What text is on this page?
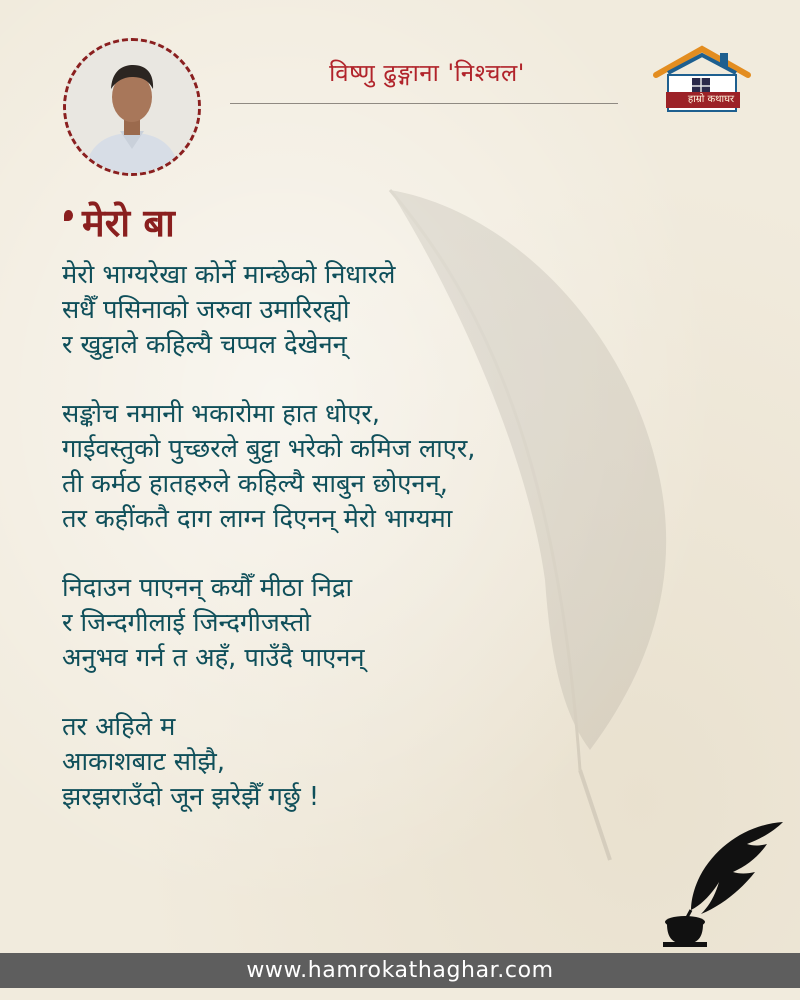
विष्णु ढुङ्गाना 'निश्चल'
हाम्रो कथाघर
मेरो बा
मेरो भाग्यरेखा कोर्ने मान्छेको निधारले
सधैँ पसिनाको जरुवा उमारिरह्यो
र खुट्टाले कहिल्यै चप्पल देखेनन्
सङ्कोच नमानी भकारोमा हात धोएर,
गाईवस्तुको पुच्छरले बुट्टा भरेको कमिज लाएर,
ती कर्मठ हातहरुले कहिल्यै साबुन छोएनन्,
तर कहींकतै दाग लाग्न दिएनन् मेरो भाग्यमा
निदाउन पाएनन् कयौँ मीठा निद्रा
र जिन्दगीलाई जिन्दगीजस्तो
अनुभव गर्न त अहँ, पाउँदै पाएनन्
तर अहिले म
आकाशबाट सोझै,
झरझराउँदो जून झरेझैँ गर्छु !
www.hamrokathaghar.com
